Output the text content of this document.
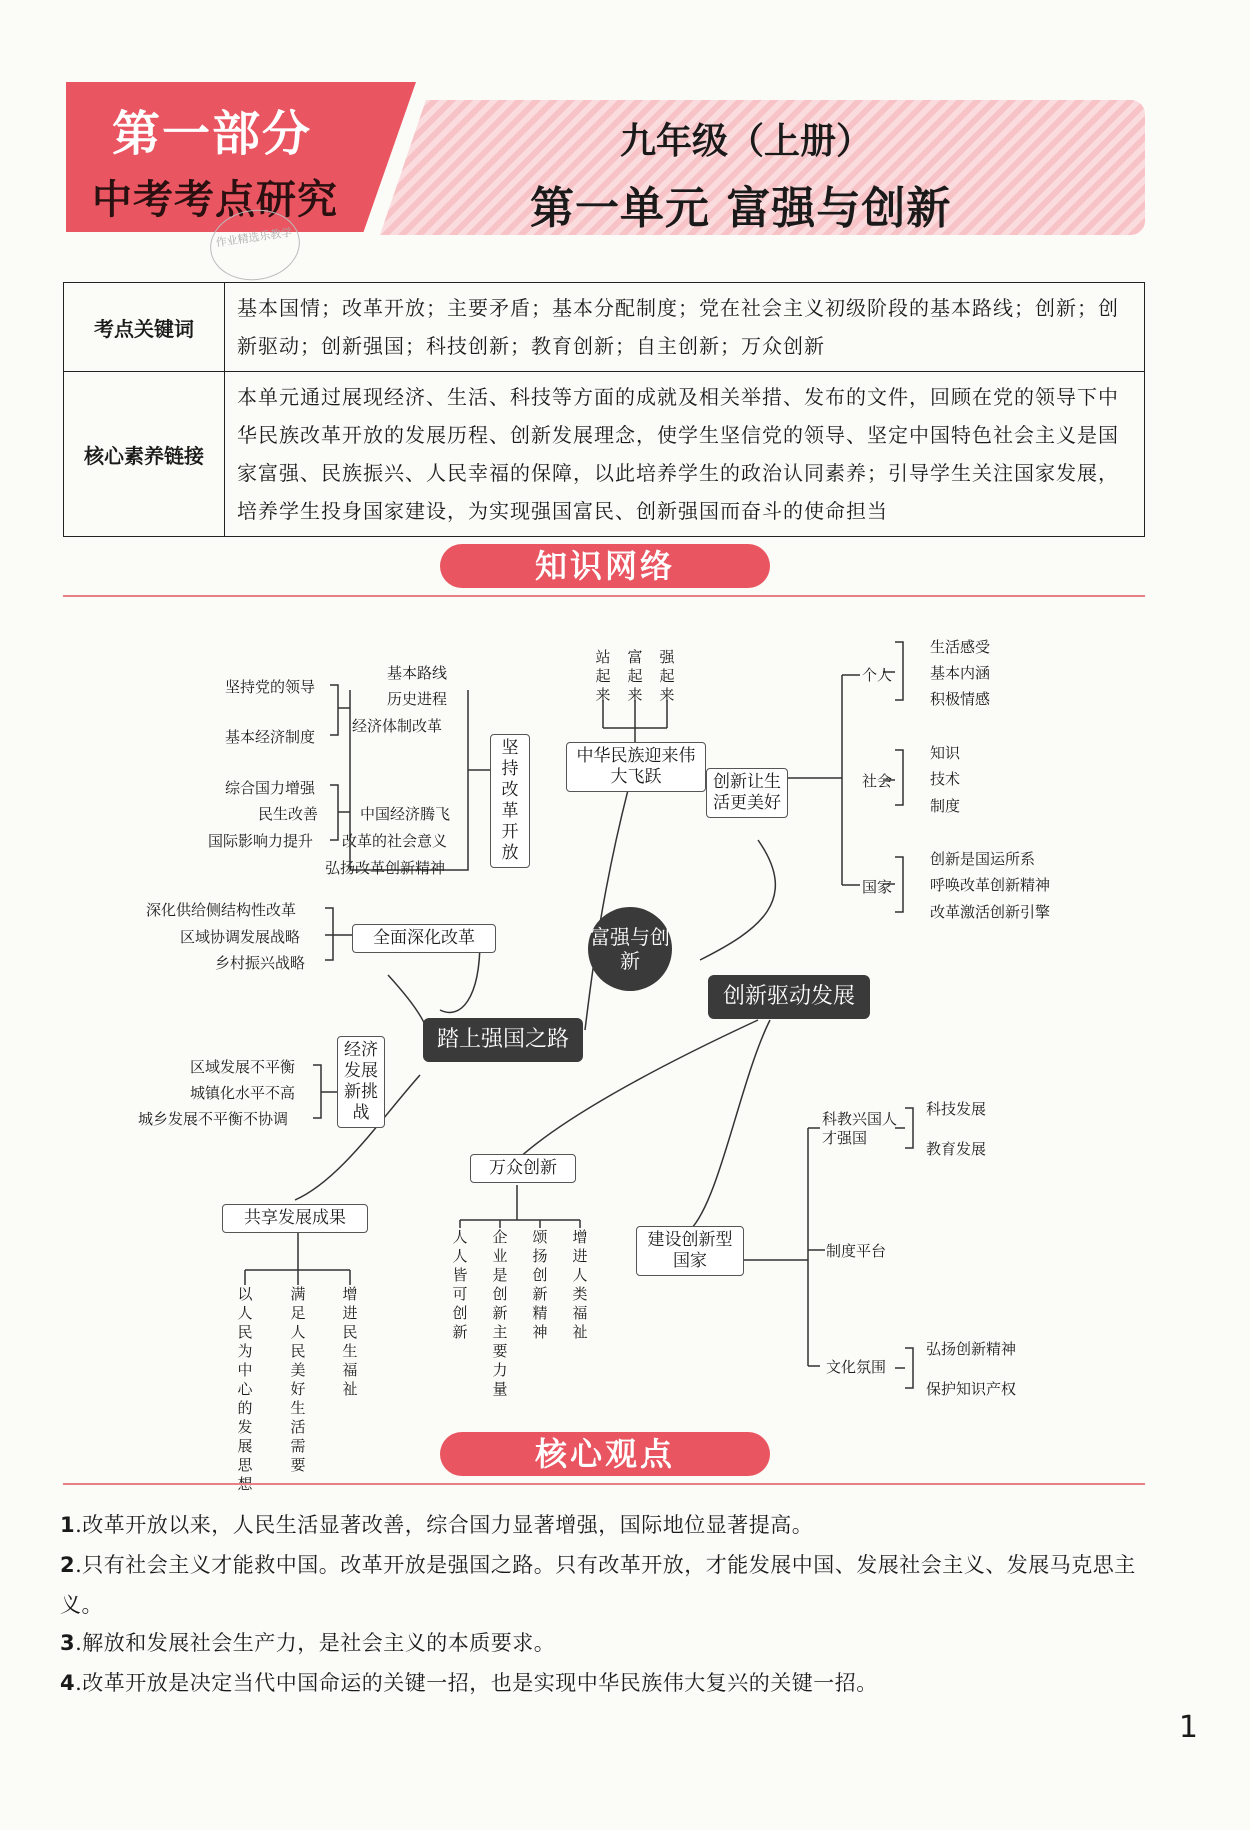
第一部分
中考考点研究
九年级（上册）
第一单元 富强与创新
作业精选乐教学
考点关键词	基本国情；改革开放；主要矛盾；基本分配制度；党在社会主义初级阶段的基本路线；创新；创新驱动；创新强国；科技创新；教育创新；自主创新；万众创新
核心素养链接	本单元通过展现经济、生活、科技等方面的成就及相关举措、发布的文件，回顾在党的领导下中华民族改革开放的发展历程、创新发展理念，使学生坚信党的领导、坚定中国特色社会主义是国家富强、民族振兴、人民幸福的保障，以此培养学生的政治认同素养；引导学生关注国家发展，培养学生投身国家建设，为实现强国富民、创新强国而奋斗的使命担当
知识网络
坚持党的领导
基本经济制度
综合国力增强
民生改善
国际影响力提升
基本路线
历史进程
经济体制改革
中国经济腾飞
改革的社会意义
弘扬改革创新精神
坚持改革开放
站起来
富起来
强起来
中华民族迎来伟大飞跃
深化供给侧结构性改革
区域协调发展战略
乡村振兴战略
全面深化改革
区域发展不平衡
城镇化水平不高
城乡发展不平衡不协调
经济发展新挑战
踏上强国之路
富强与创新
创新驱动发展
创新让生活更美好
个人
生活感受
基本内涵
积极情感
社会
知识
技术
制度
国家
创新是国运所系
呼唤改革创新精神
改革激活创新引擎
万众创新
人人皆可创新
企业是创新主要力量
颂扬创新精神
增进人类福祉
共享发展成果
以人民为中心的发展思想
满足人民美好生活需要
增进民生福祉
建设创新型国家
科教兴国人才强国
科技发展
教育发展
制度平台
文化氛围
弘扬创新精神
保护知识产权
核心观点
1.改革开放以来，人民生活显著改善，综合国力显著增强，国际地位显著提高。
2.只有社会主义才能救中国。改革开放是强国之路。只有改革开放，才能发展中国、发展社会主义、发展马克思主义。
3.解放和发展社会生产力，是社会主义的本质要求。
4.改革开放是决定当代中国命运的关键一招，也是实现中华民族伟大复兴的关键一招。
1
